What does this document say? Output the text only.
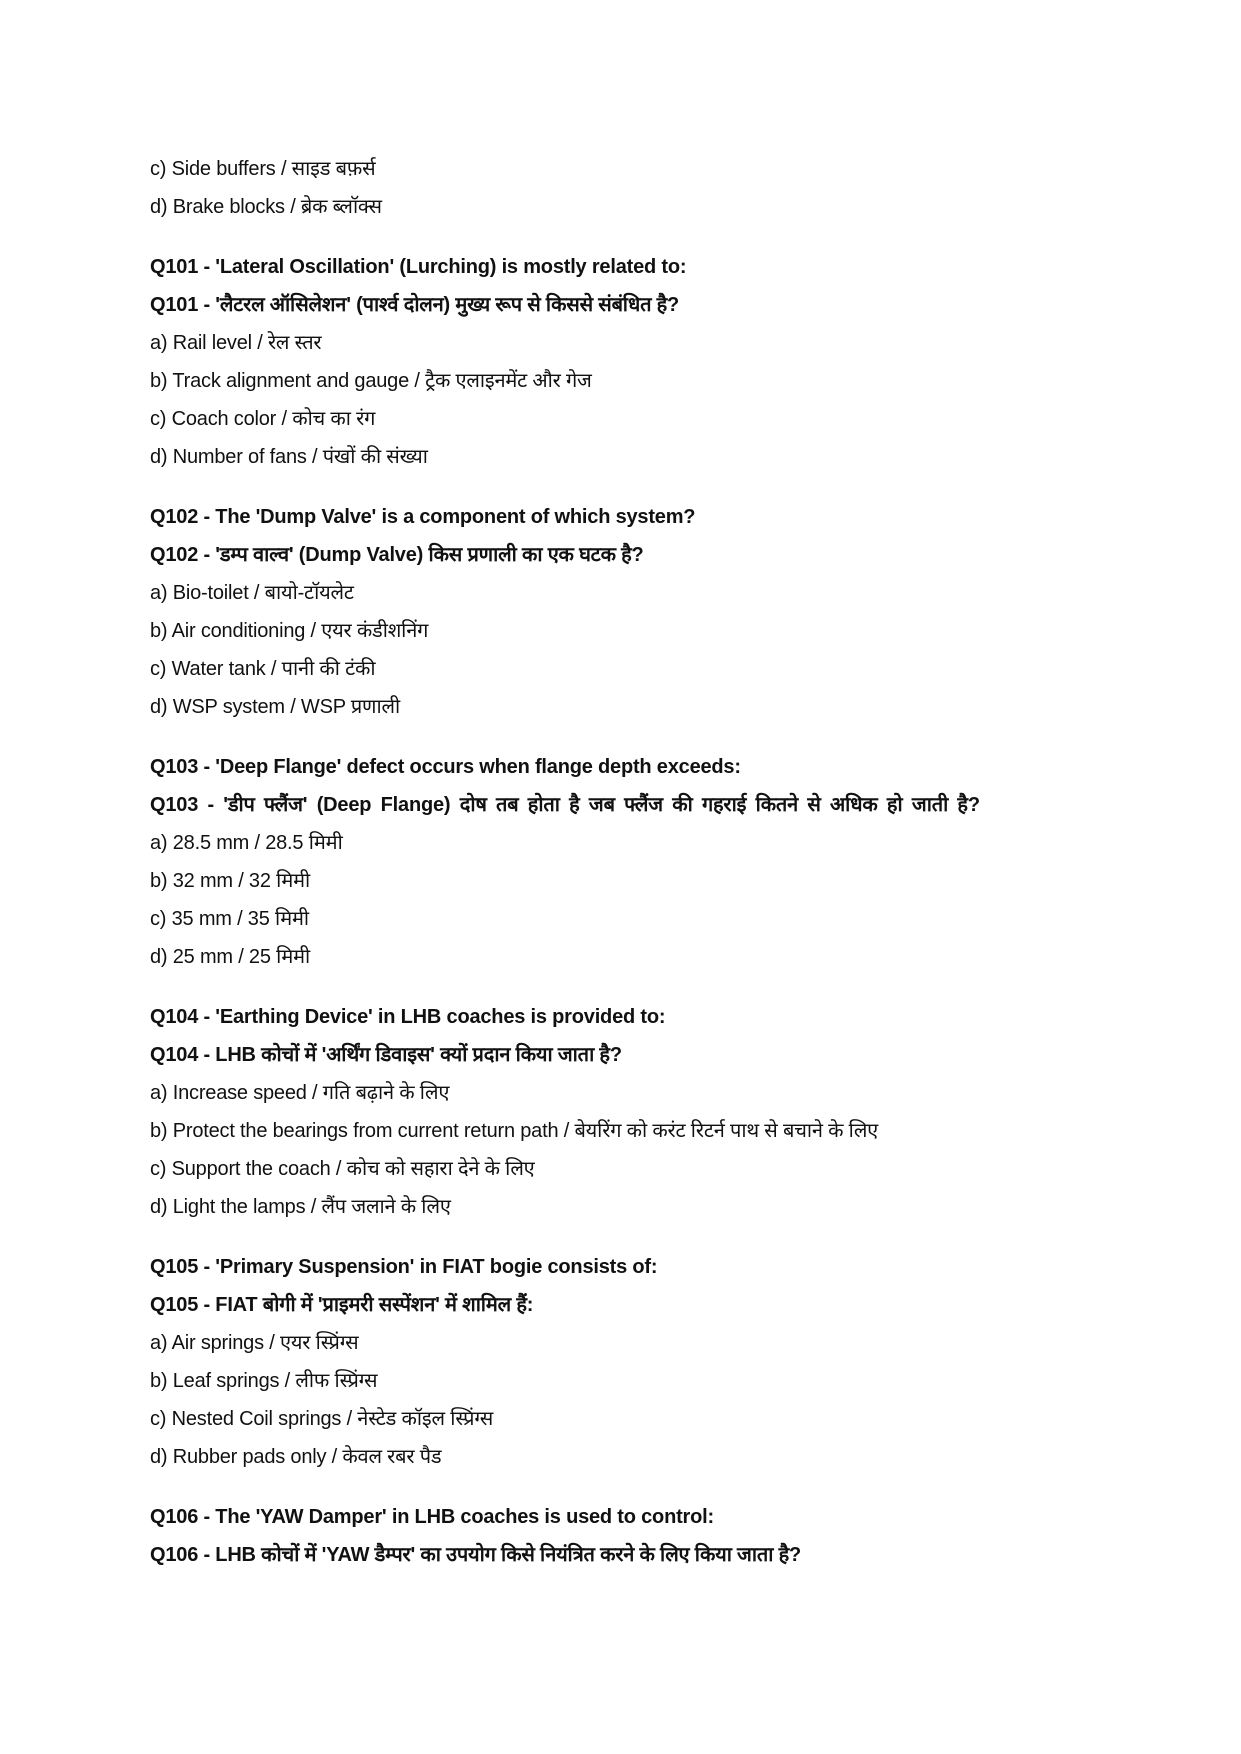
c) Side buffers / साइड बफ़र्स
d) Brake blocks / ब्रेक ब्लॉक्स
Q101 - 'Lateral Oscillation' (Lurching) is mostly related to:
Q101 - 'लैटरल ऑसिलेशन' (पार्श्व दोलन) मुख्य रूप से किससे संबंधित है?
a) Rail level / रेल स्तर
b) Track alignment and gauge / ट्रैक एलाइनमेंट और गेज
c) Coach color / कोच का रंग
d) Number of fans / पंखों की संख्या
Q102 - The 'Dump Valve' is a component of which system?
Q102 - 'डम्प वाल्व' (Dump Valve) किस प्रणाली का एक घटक है?
a) Bio-toilet / बायो-टॉयलेट
b) Air conditioning / एयर कंडीशनिंग
c) Water tank / पानी की टंकी
d) WSP system / WSP प्रणाली
Q103 - 'Deep Flange' defect occurs when flange depth exceeds:
Q103 - 'डीप फ्लैंज' (Deep Flange) दोष तब होता है जब फ्लैंज की गहराई कितने से अधिक हो जाती है?
a) 28.5 mm / 28.5 मिमी
b) 32 mm / 32 मिमी
c) 35 mm / 35 मिमी
d) 25 mm / 25 मिमी
Q104 - 'Earthing Device' in LHB coaches is provided to:
Q104 - LHB कोचों में 'अर्थिंग डिवाइस' क्यों प्रदान किया जाता है?
a) Increase speed / गति बढ़ाने के लिए
b) Protect the bearings from current return path / बेयरिंग को करंट रिटर्न पाथ से बचाने के लिए
c) Support the coach / कोच को सहारा देने के लिए
d) Light the lamps / लैंप जलाने के लिए
Q105 - 'Primary Suspension' in FIAT bogie consists of:
Q105 - FIAT बोगी में 'प्राइमरी सस्पेंशन' में शामिल हैं:
a) Air springs / एयर स्प्रिंग्स
b) Leaf springs / लीफ स्प्रिंग्स
c) Nested Coil springs / नेस्टेड कॉइल स्प्रिंग्स
d) Rubber pads only / केवल रबर पैड
Q106 - The 'YAW Damper' in LHB coaches is used to control:
Q106 - LHB कोचों में 'YAW डैम्पर' का उपयोग किसे नियंत्रित करने के लिए किया जाता है?
